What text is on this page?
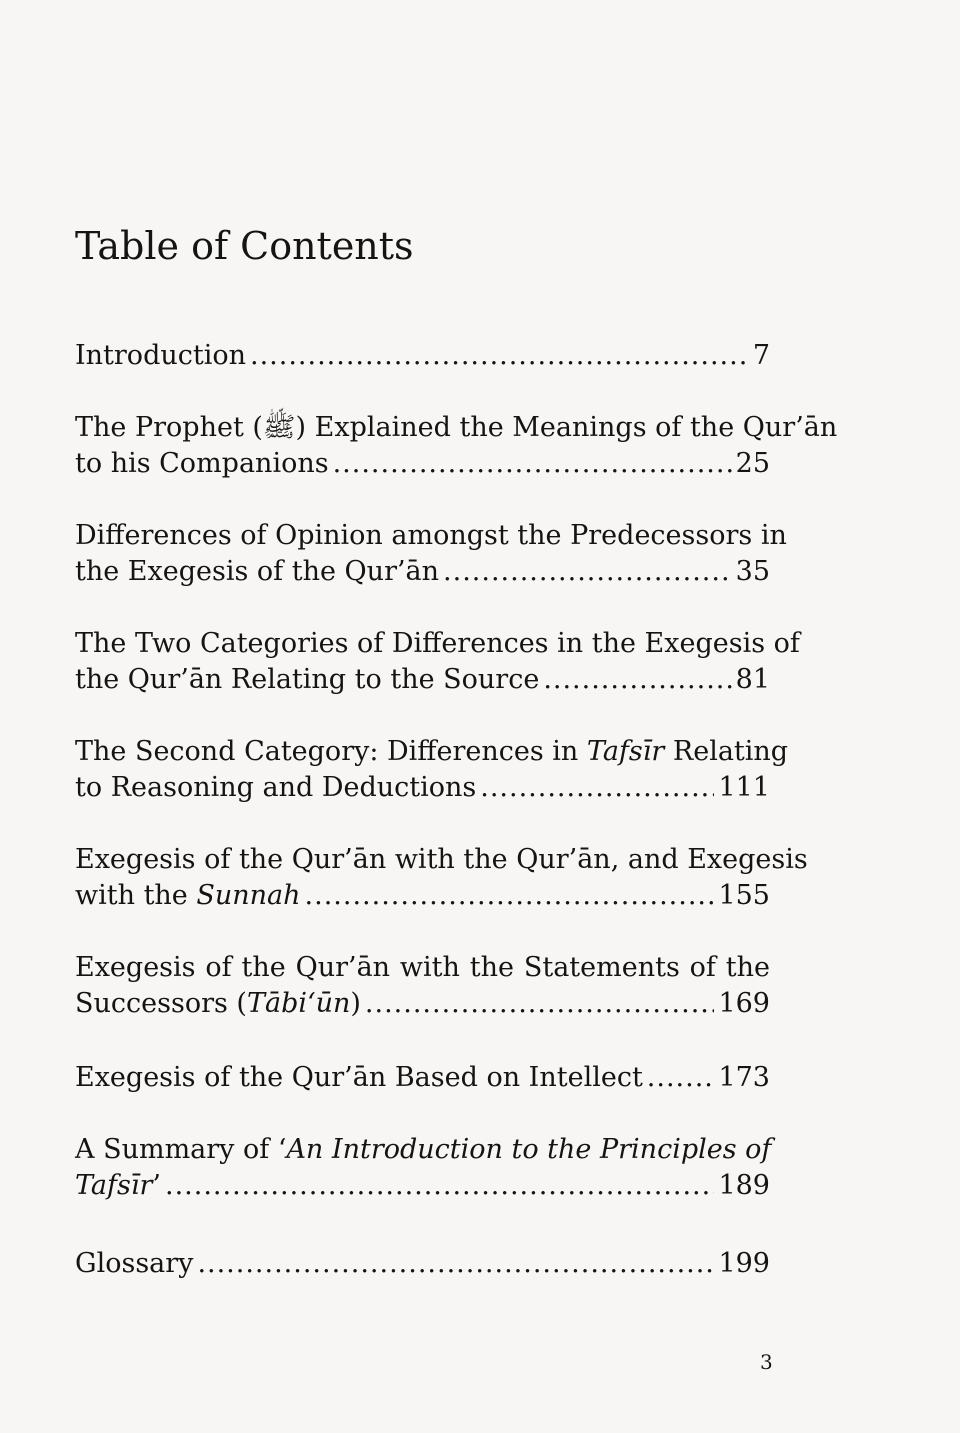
Table of Contents
Introduction .....	7
The Prophet (ﷺ) Explained the Meanings of the Qur’ān
to his Companions .....	25
Differences of Opinion amongst the Predecessors in
the Exegesis of the Qur’ān .....	35
The Two Categories of Differences in the Exegesis of
the Qur’ān Relating to the Source .....	81
The Second Category: Differences in Tafsīr Relating
to Reasoning and Deductions .....	111
Exegesis of the Qur’ān with the Qur’ān, and Exegesis
with the Sunnah .....	155
Exegesis of the Qur’ān with the Statements of the
Successors (Tābi‘ūn) .....	169
Exegesis of the Qur’ān Based on Intellect .....	173
A Summary of ‘An Introduction to the Principles of
Tafsīr’ .....	189
Glossary .....	199
3
